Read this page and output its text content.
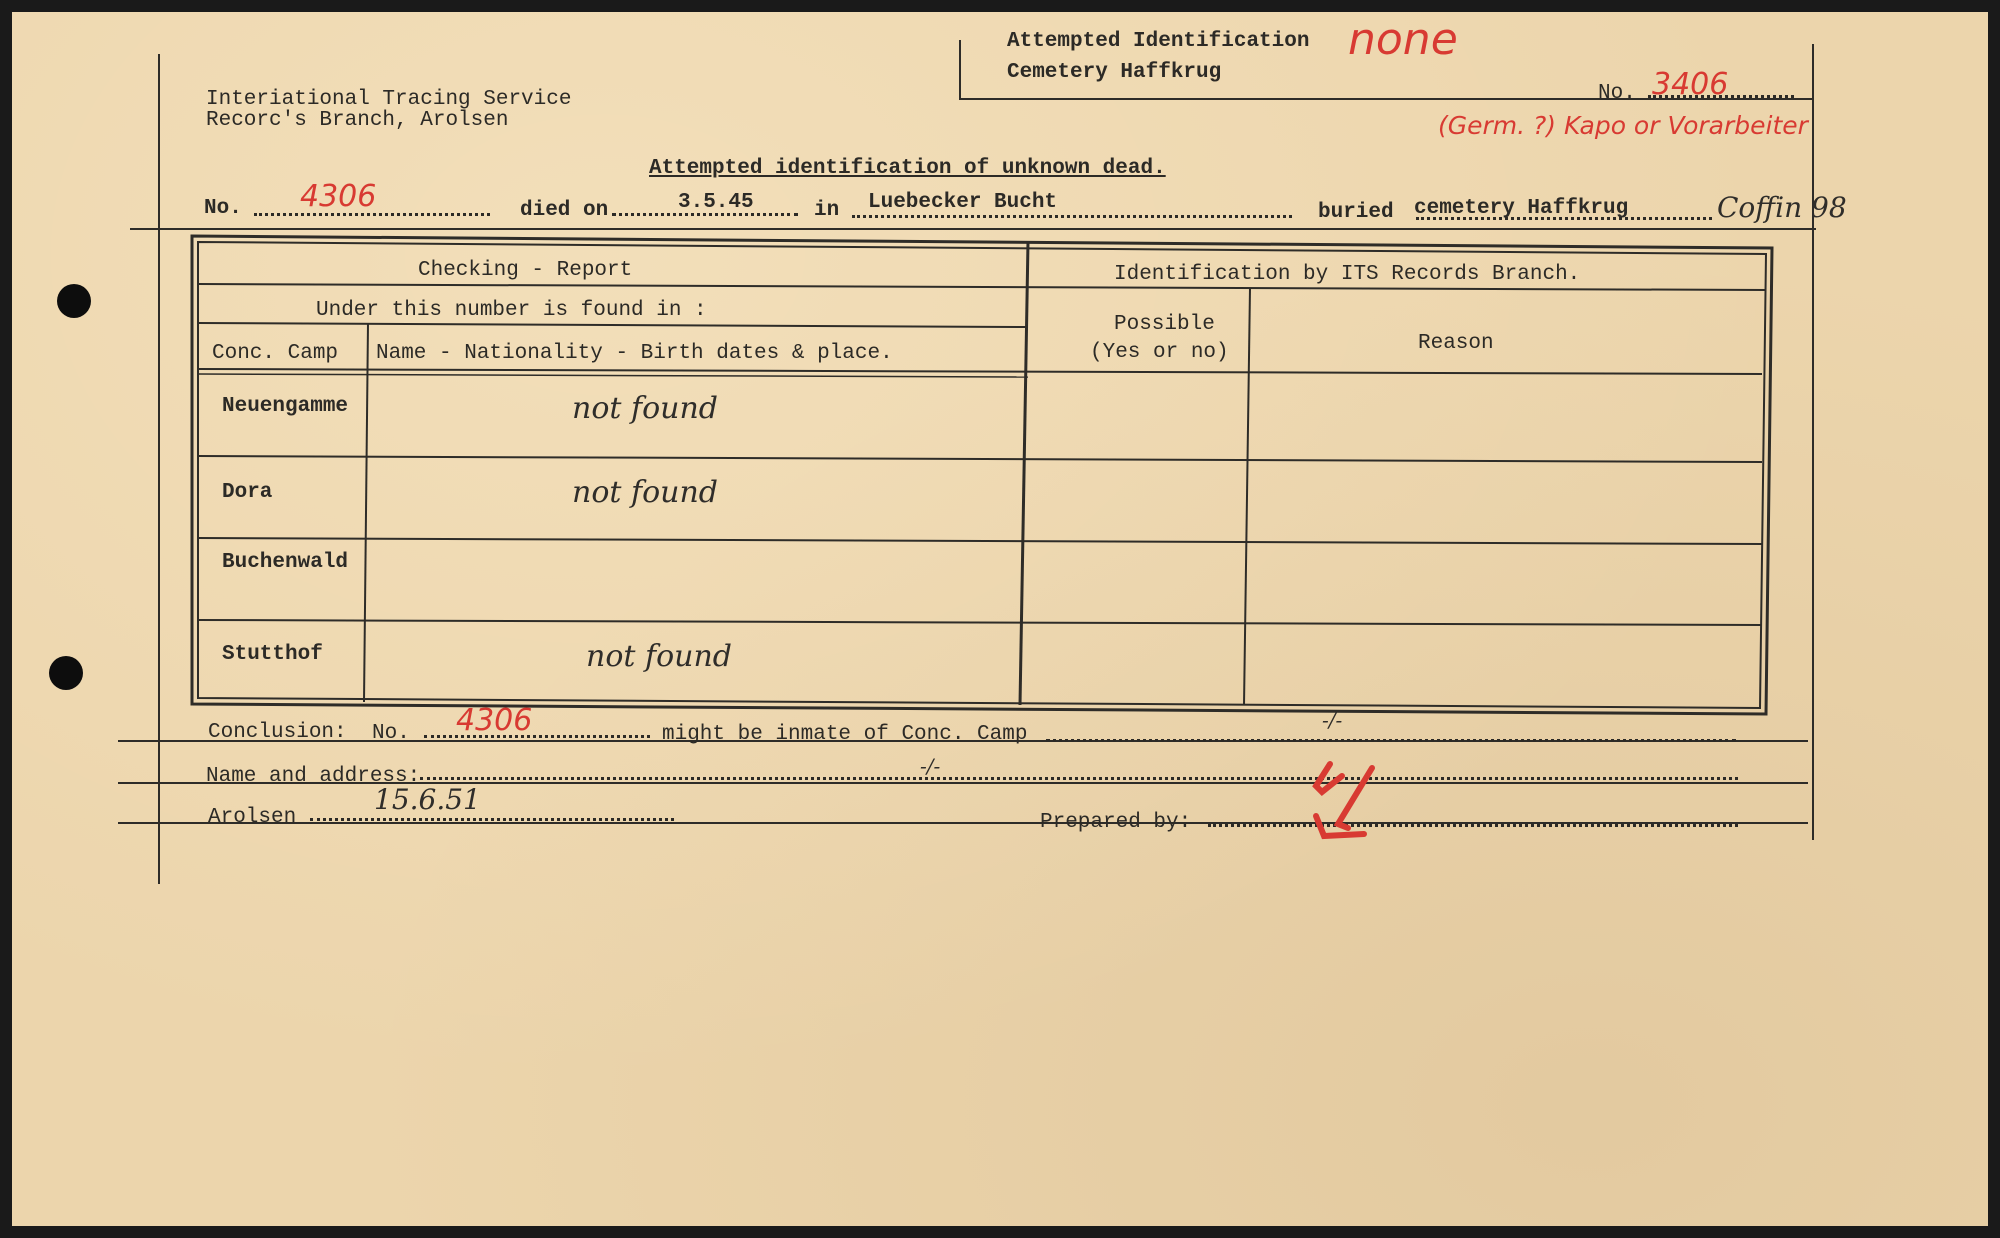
Interiational Tracing Service
Recorc's Branch, Arolsen
Attempted Identification
Cemetery Haffkrug
none
No. 3406
(Germ. ?) Kapo or Vorarbeiter
Attempted identification of unknown dead.
No. 4306	died on	3.5.45	in Luebecker Bucht	buried cemetery Haffkrug	Coffin 98
Checking - Report
Under this number is found in :
Conc. Camp Name - Nationality - Birth dates & place.
Identification by ITS Records Branch.
Possible
(Yes or no)	Reason
Neuengamme	not found
Dora	not found
Buchenwald
Stutthof	not found
Conclusion: No. 4306	might be inmate of Conc. Camp
-/-
Name and address:	-/-
Arolsen
15.6.51
Prepared by:
